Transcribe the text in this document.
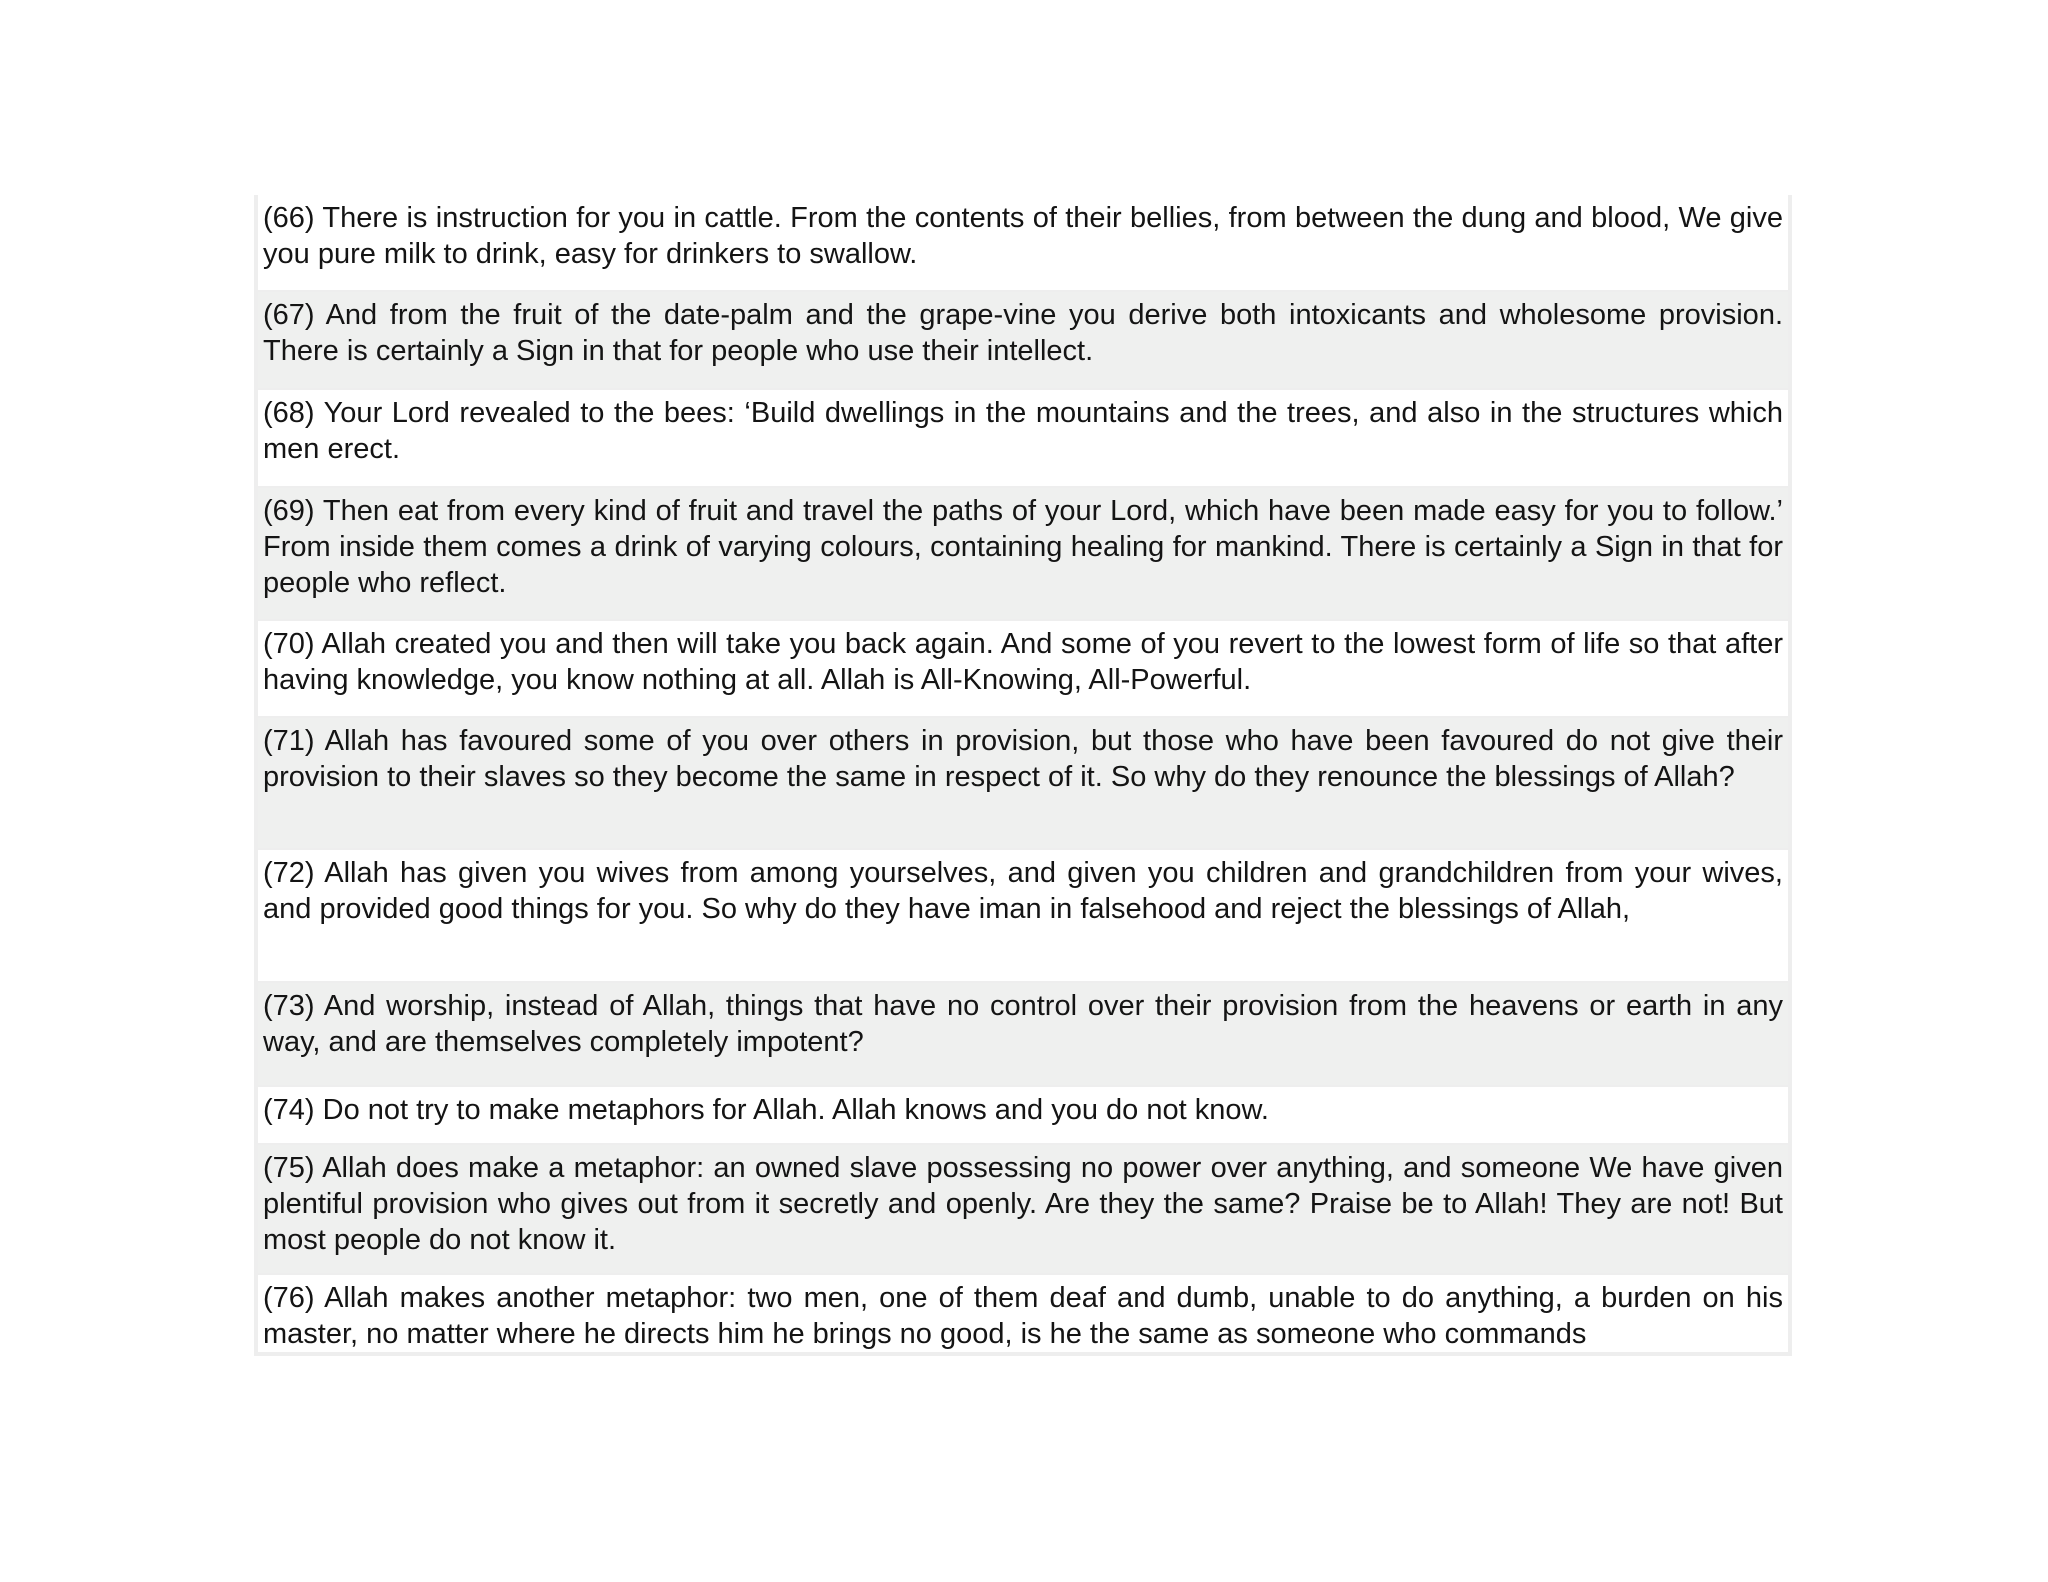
(66) There is instruction for you in cattle. From the contents of their bellies, from between the dung and blood, We give you pure milk to drink, easy for drinkers to swallow.
(67) And from the fruit of the date-palm and the grape-vine you derive both intoxicants and wholesome provision. There is certainly a Sign in that for people who use their intellect.
(68) Your Lord revealed to the bees: ‘Build dwellings in the mountains and the trees, and also in the structures which men erect.
(69) Then eat from every kind of fruit and travel the paths of your Lord, which have been made easy for you to follow.’ From inside them comes a drink of varying colours, containing healing for mankind. There is certainly a Sign in that for people who reflect.
(70) Allah created you and then will take you back again. And some of you revert to the lowest form of life so that after having knowledge, you know nothing at all. Allah is All-Knowing, All-Powerful.
(71) Allah has favoured some of you over others in provision, but those who have been favoured do not give their provision to their slaves so they become the same in respect of it. So why do they renounce the blessings of Allah?
(72) Allah has given you wives from among yourselves, and given you children and grandchildren from your wives, and provided good things for you. So why do they have iman in falsehood and reject the blessings of Allah,
(73) And worship, instead of Allah, things that have no control over their provision from the heavens or earth in any way, and are themselves completely impotent?
(74) Do not try to make metaphors for Allah. Allah knows and you do not know.
(75) Allah does make a metaphor: an owned slave possessing no power over anything, and someone We have given plentiful provision who gives out from it secretly and openly. Are they the same? Praise be to Allah! They are not! But most people do not know it.
(76) Allah makes another metaphor: two men, one of them deaf and dumb, unable to do anything, a burden on his master, no matter where he directs him he brings no good, is he the same as someone who commands
